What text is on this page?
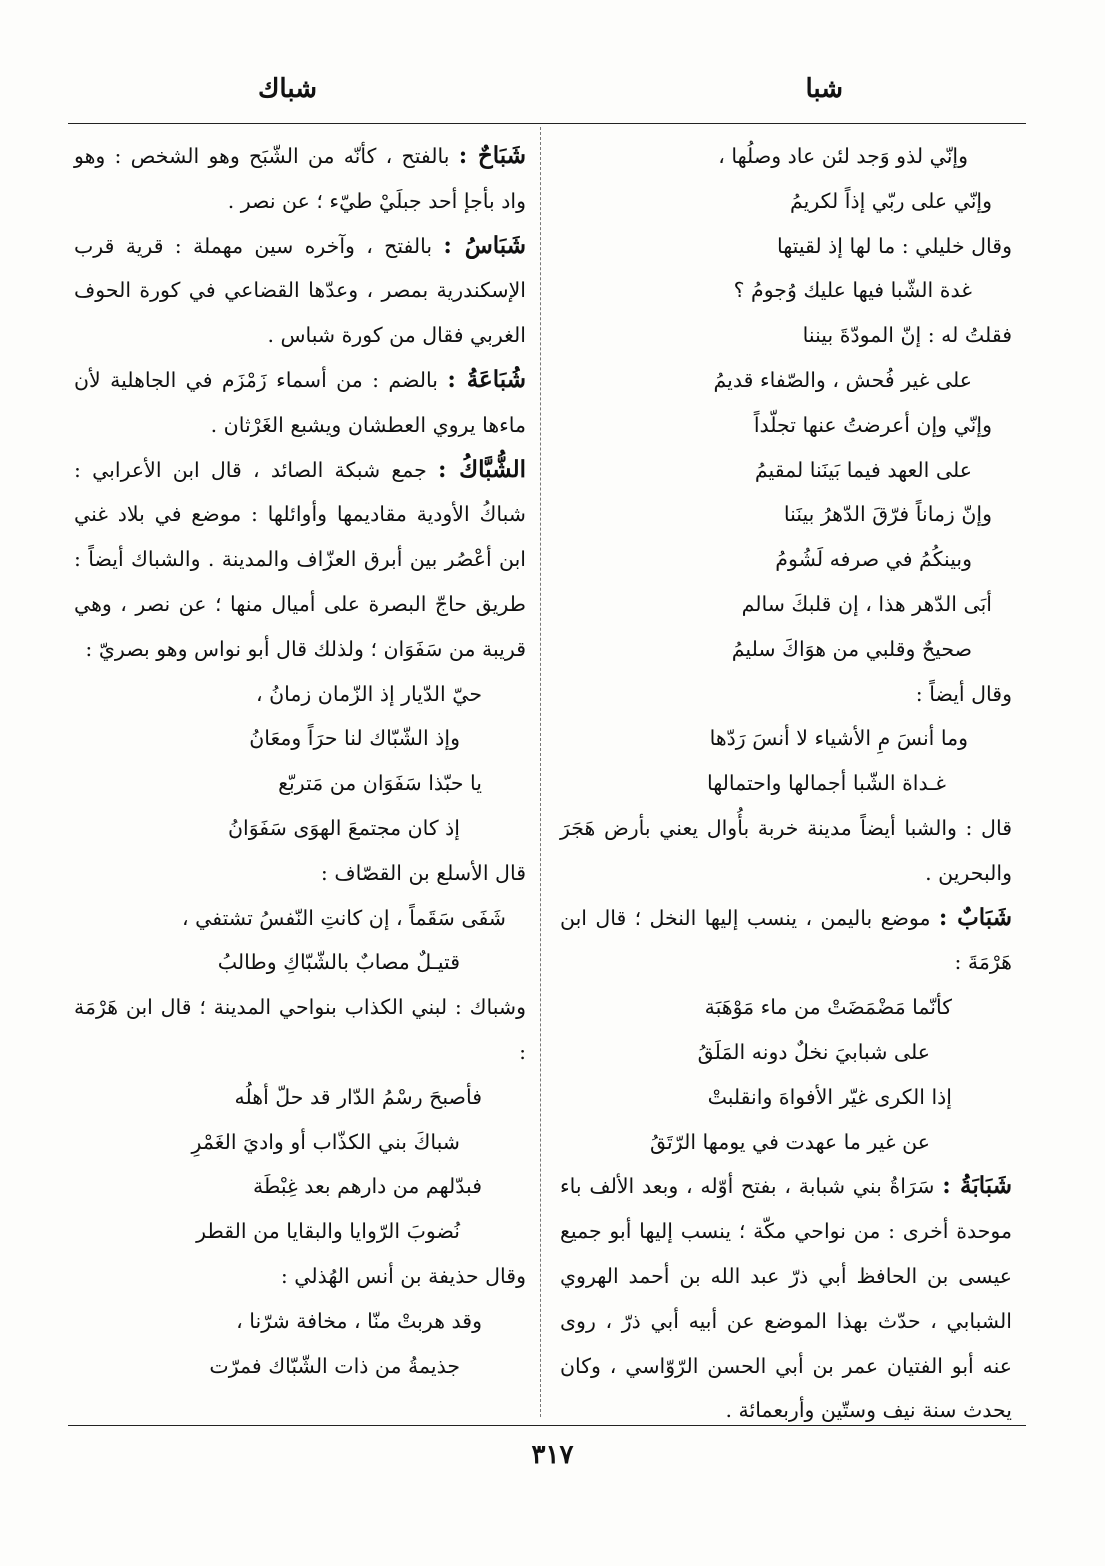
شبا
شباك
وإنّي لذو وَجد لئن عاد وصلُها ،
وإنّي على ربّي إذاً لكريمُ

وقال خليلي : ما لها إذ لقيتها

غدة الشّبا فيها عليك وُجومُ ؟

فقلتُ له : إنّ المودّةَ بيننا

على غير فُحش ، والصّفاء قديمُ

وإنّي وإن أعرضتُ عنها تجلّداً

على العهد فيما بَينَنا لمقيمُ

وإنّ زماناً فرّقَ الدّهرُ بينَنا

وبينكُمُ في صرفه لَشُومُ

أبَى الدّهر هذا ، إن قلبكَ سالم

صحيحٌ وقلبي من هوَاكَ سليمُ

وقال أيضاً :

وما أنسَ مِ الأشياء لا أنسَ رَدّها

غـداة الشّبا أجمالها واحتمالها

قال : والشبا أيضاً مدينة خربة بأُوال يعني بأرض هَجَرَ والبحرين .

شَبَابٌ : موضع باليمن ، ينسب إليها النخل ؛ قال ابن هَرْمَةَ :

كأنّما مَضْمَضَتْ من ماء مَوْهَبَة

على شبابيَ نخلٌ دونه المَلَقُ

إذا الكرى غيّر الأفواهَ وانقلبتْ

عن غير ما عهدت في يومها الرّتَقُ

شَبَابَةُ : سَرَاةُ بني شبابة ، بفتح أوّله ، وبعد الألف باء موحدة أخرى : من نواحي مكّة ؛ ينسب إليها أبو جميع عيسى بن الحافظ أبي ذرّ عبد الله بن أحمد الهروي الشبابي ، حدّث بهذا الموضع عن أبيه أبي ذرّ ، روى عنه أبو الفتيان عمر بن أبي الحسن الرّوّاسي ، وكان يحدث سنة نيف وستّين وأربعمائة .

شَبَاحٌ : بالفتح ، كأنّه من الشّبَح وهو الشخص : وهو واد بأجإ أحد جبلَيْ طيّء ؛ عن نصر .

شَبَاسُ : بالفتح ، وآخره سين مهملة : قرية قرب الإسكندرية بمصر ، وعدّها القضاعي في كورة الحوف الغربي فقال من كورة شباس .

شُبَاعَةُ : بالضم : من أسماء زَمْزَم في الجاهلية لأن ماءها يروي العطشان ويشبع الغَرْثان .

الشُّبَّاكُ : جمع شبكة الصائد ، قال ابن الأعرابي : شباكُ الأودية مقاديمها وأوائلها : موضع في بلاد غني ابن أعْصُر بين أبرق العزّاف والمدينة . والشباك أيضاً : طريق حاجّ البصرة على أميال منها ؛ عن نصر ، وهي قريبة من سَفَوَان ؛ ولذلك قال أبو نواس وهو بصريّ :

حيّ الدّيار إذ الزّمان زمانُ ،

وإذ الشّبّاك لنا حرَاً ومعَانُ

يا حبّذا سَفَوَان من مَتربّع

إذ كان مجتمعَ الهوَى سَفَوَانُ

قال الأسلع بن القصّاف :

شَفَى سَقَماً ، إن كانتِ النّفسُ تشتفي ،

قتيـلٌ مصابٌ بالشّبّاكِ وطالبُ

وشباك : لبني الكذاب بنواحي المدينة ؛ قال ابن هَرْمَة :

فأصبحَ رسْمُ الدّار قد حلّ أهلُه

شباكَ بني الكذّاب أو واديَ الغَمْرِ

فبدّلهم من دارهم بعد غِبْطَة

نُضوبَ الرّوايا والبقايا من القطر

وقال حذيفة بن أنس الهُذلي :

وقد هربتْ منّا ، مخافة شرّنا ،

جذيمةُ من ذات الشّبّاك فمرّت

٣١٧
